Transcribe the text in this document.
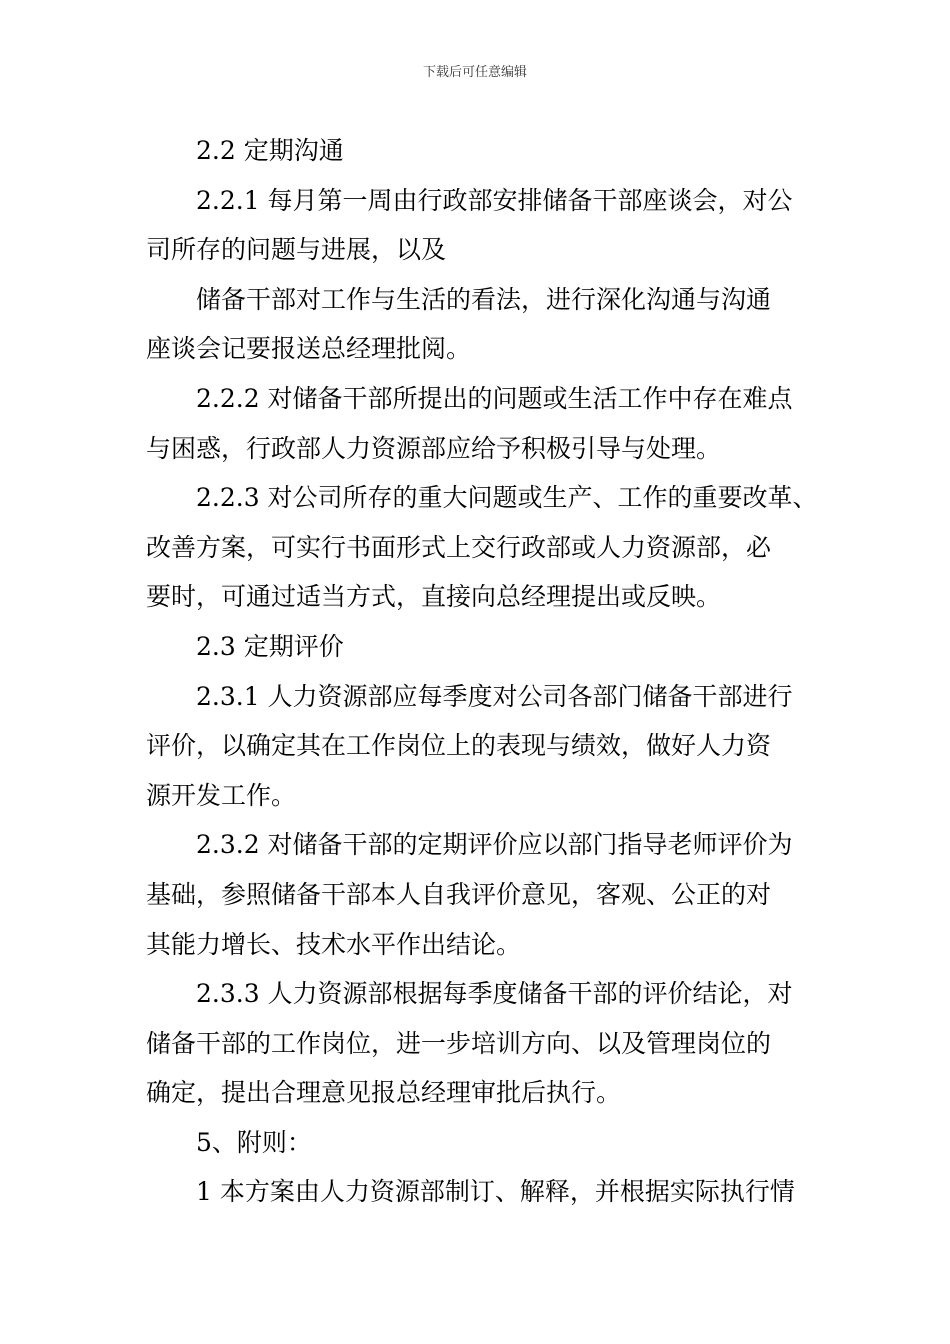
下载后可任意编辑

2.2 定期沟通

2.2.1 每月第一周由行政部安排储备干部座谈会，对公

司所存的问题与进展，以及

储备干部对工作与生活的看法，进行深化沟通与沟通

座谈会记要报送总经理批阅。

2.2.2 对储备干部所提出的问题或生活工作中存在难点

与困惑，行政部人力资源部应给予积极引导与处理。

2.2.3 对公司所存的重大问题或生产、工作的重要改革、

改善方案，可实行书面形式上交行政部或人力资源部，必

要时，可通过适当方式，直接向总经理提出或反映。

2.3 定期评价

2.3.1 人力资源部应每季度对公司各部门储备干部进行

评价，以确定其在工作岗位上的表现与绩效，做好人力资

源开发工作。

2.3.2 对储备干部的定期评价应以部门指导老师评价为

基础，参照储备干部本人自我评价意见，客观、公正的对

其能力增长、技术水平作出结论。

2.3.3 人力资源部根据每季度储备干部的评价结论，对

储备干部的工作岗位，进一步培训方向、以及管理岗位的

确定，提出合理意见报总经理审批后执行。

5、附则：

1 本方案由人力资源部制订、解释，并根据实际执行情
